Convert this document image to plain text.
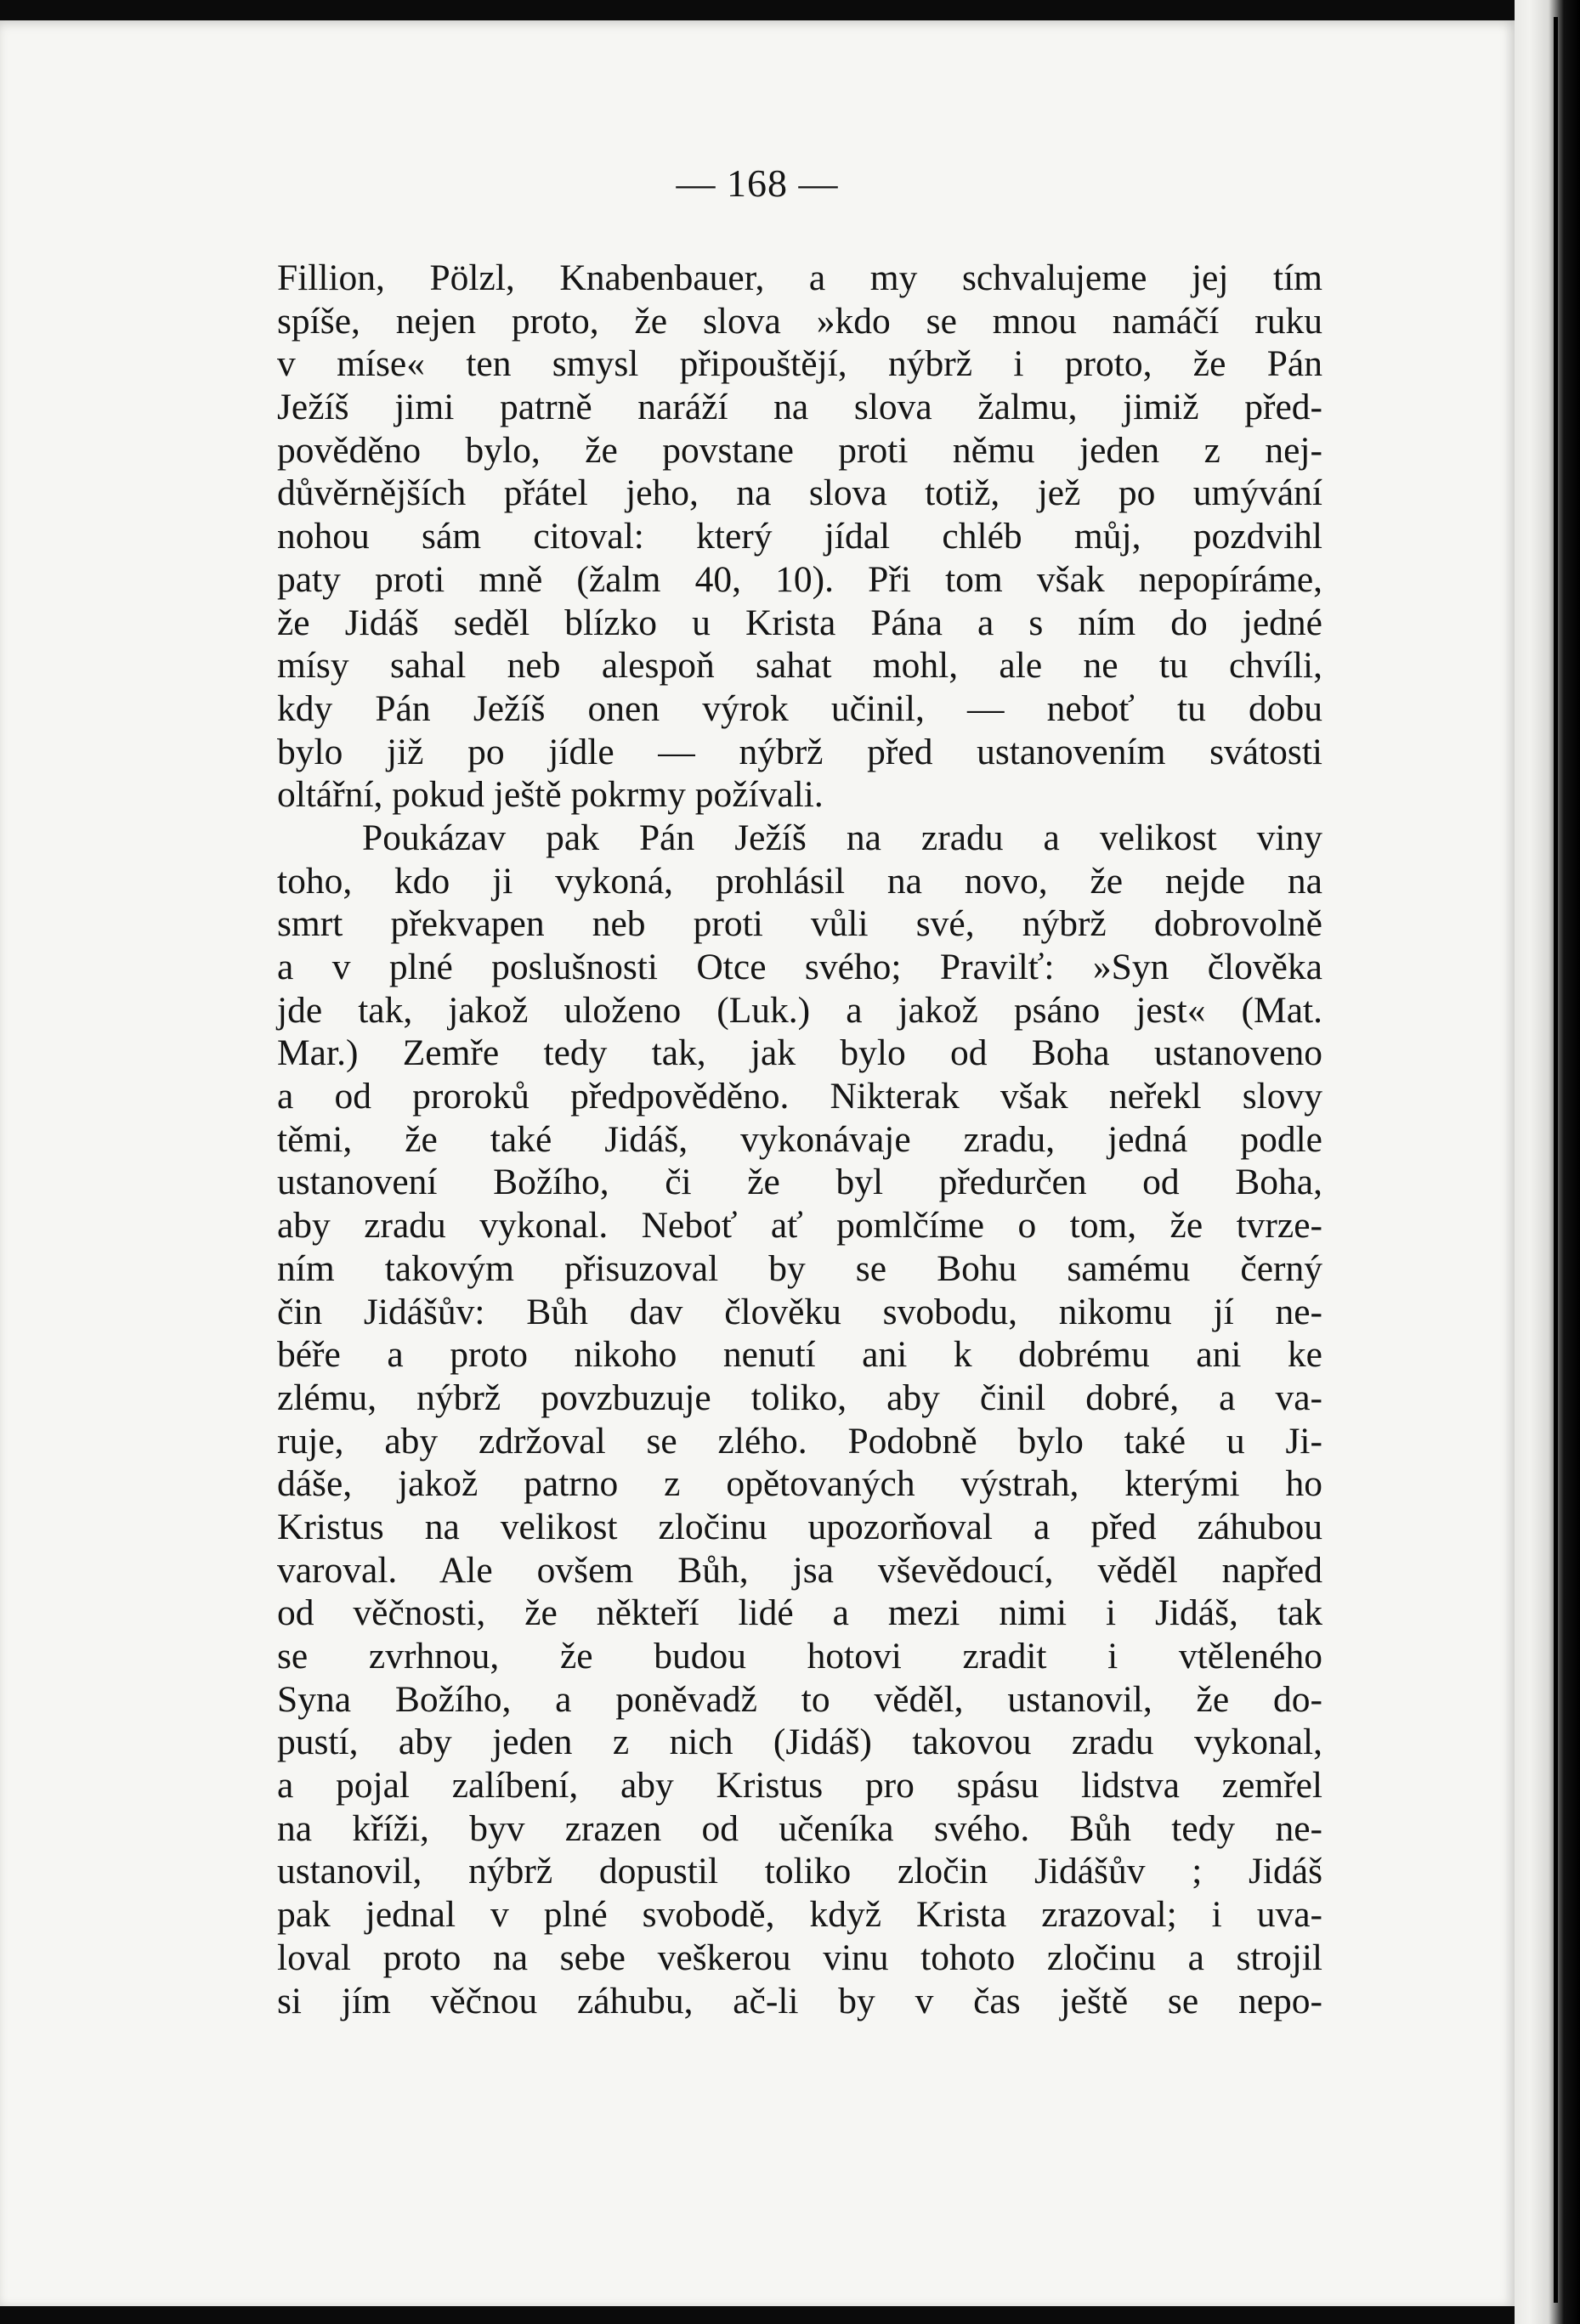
— 168 —
Fillion, Pölzl, Knabenbauer, a my schvalujeme jej tím
spíše, nejen proto, že slova »kdo se mnou namáčí ruku
v míse« ten smysl připouštějí, nýbrž i proto, že Pán
Ježíš jimi patrně naráží na slova žalmu, jimiž před-
pověděno bylo, že povstane proti němu jeden z nej-
důvěrnějších přátel jeho, na slova totiž, jež po umývání
nohou sám citoval: který jídal chléb můj, pozdvihl
paty proti mně (žalm 40, 10). Při tom však nepopíráme,
že Jidáš seděl blízko u Krista Pána a s ním do jedné
mísy sahal neb alespoň sahat mohl, ale ne tu chvíli,
kdy Pán Ježíš onen výrok učinil, — neboť tu dobu
bylo již po jídle — nýbrž před ustanovením svátosti
oltářní, pokud ještě pokrmy požívali.
Poukázav pak Pán Ježíš na zradu a velikost viny
toho, kdo ji vykoná, prohlásil na novo, že nejde na
smrt překvapen neb proti vůli své, nýbrž dobrovolně
a v plné poslušnosti Otce svého; Pravilť: »Syn člověka
jde tak, jakož uloženo (Luk.) a jakož psáno jest« (Mat.
Mar.) Zemře tedy tak, jak bylo od Boha ustanoveno
a od proroků předpověděno. Nikterak však neřekl slovy
těmi, že také Jidáš, vykonávaje zradu, jedná podle
ustanovení Božího, či že byl předurčen od Boha,
aby zradu vykonal. Neboť ať pomlčíme o tom, že tvrze-
ním takovým přisuzoval by se Bohu samému černý
čin Jidášův: Bůh dav člověku svobodu, nikomu jí ne-
béře a proto nikoho nenutí ani k dobrému ani ke
zlému, nýbrž povzbuzuje toliko, aby činil dobré, a va-
ruje, aby zdržoval se zlého. Podobně bylo také u Ji-
dáše, jakož patrno z opětovaných výstrah, kterými ho
Kristus na velikost zločinu upozorňoval a před záhubou
varoval. Ale ovšem Bůh, jsa vševědoucí, věděl napřed
od věčnosti, že někteří lidé a mezi nimi i Jidáš, tak
se zvrhnou, že budou hotovi zradit i vtěleného
Syna Božího, a poněvadž to věděl, ustanovil, že do-
pustí, aby jeden z nich (Jidáš) takovou zradu vykonal,
a pojal zalíbení, aby Kristus pro spásu lidstva zemřel
na kříži, byv zrazen od učeníka svého. Bůh tedy ne-
ustanovil, nýbrž dopustil toliko zločin Jidášův ; Jidáš
pak jednal v plné svobodě, když Krista zrazoval; i uva-
loval proto na sebe veškerou vinu tohoto zločinu a strojil
si jím věčnou záhubu, ač-li by v čas ještě se nepo-
